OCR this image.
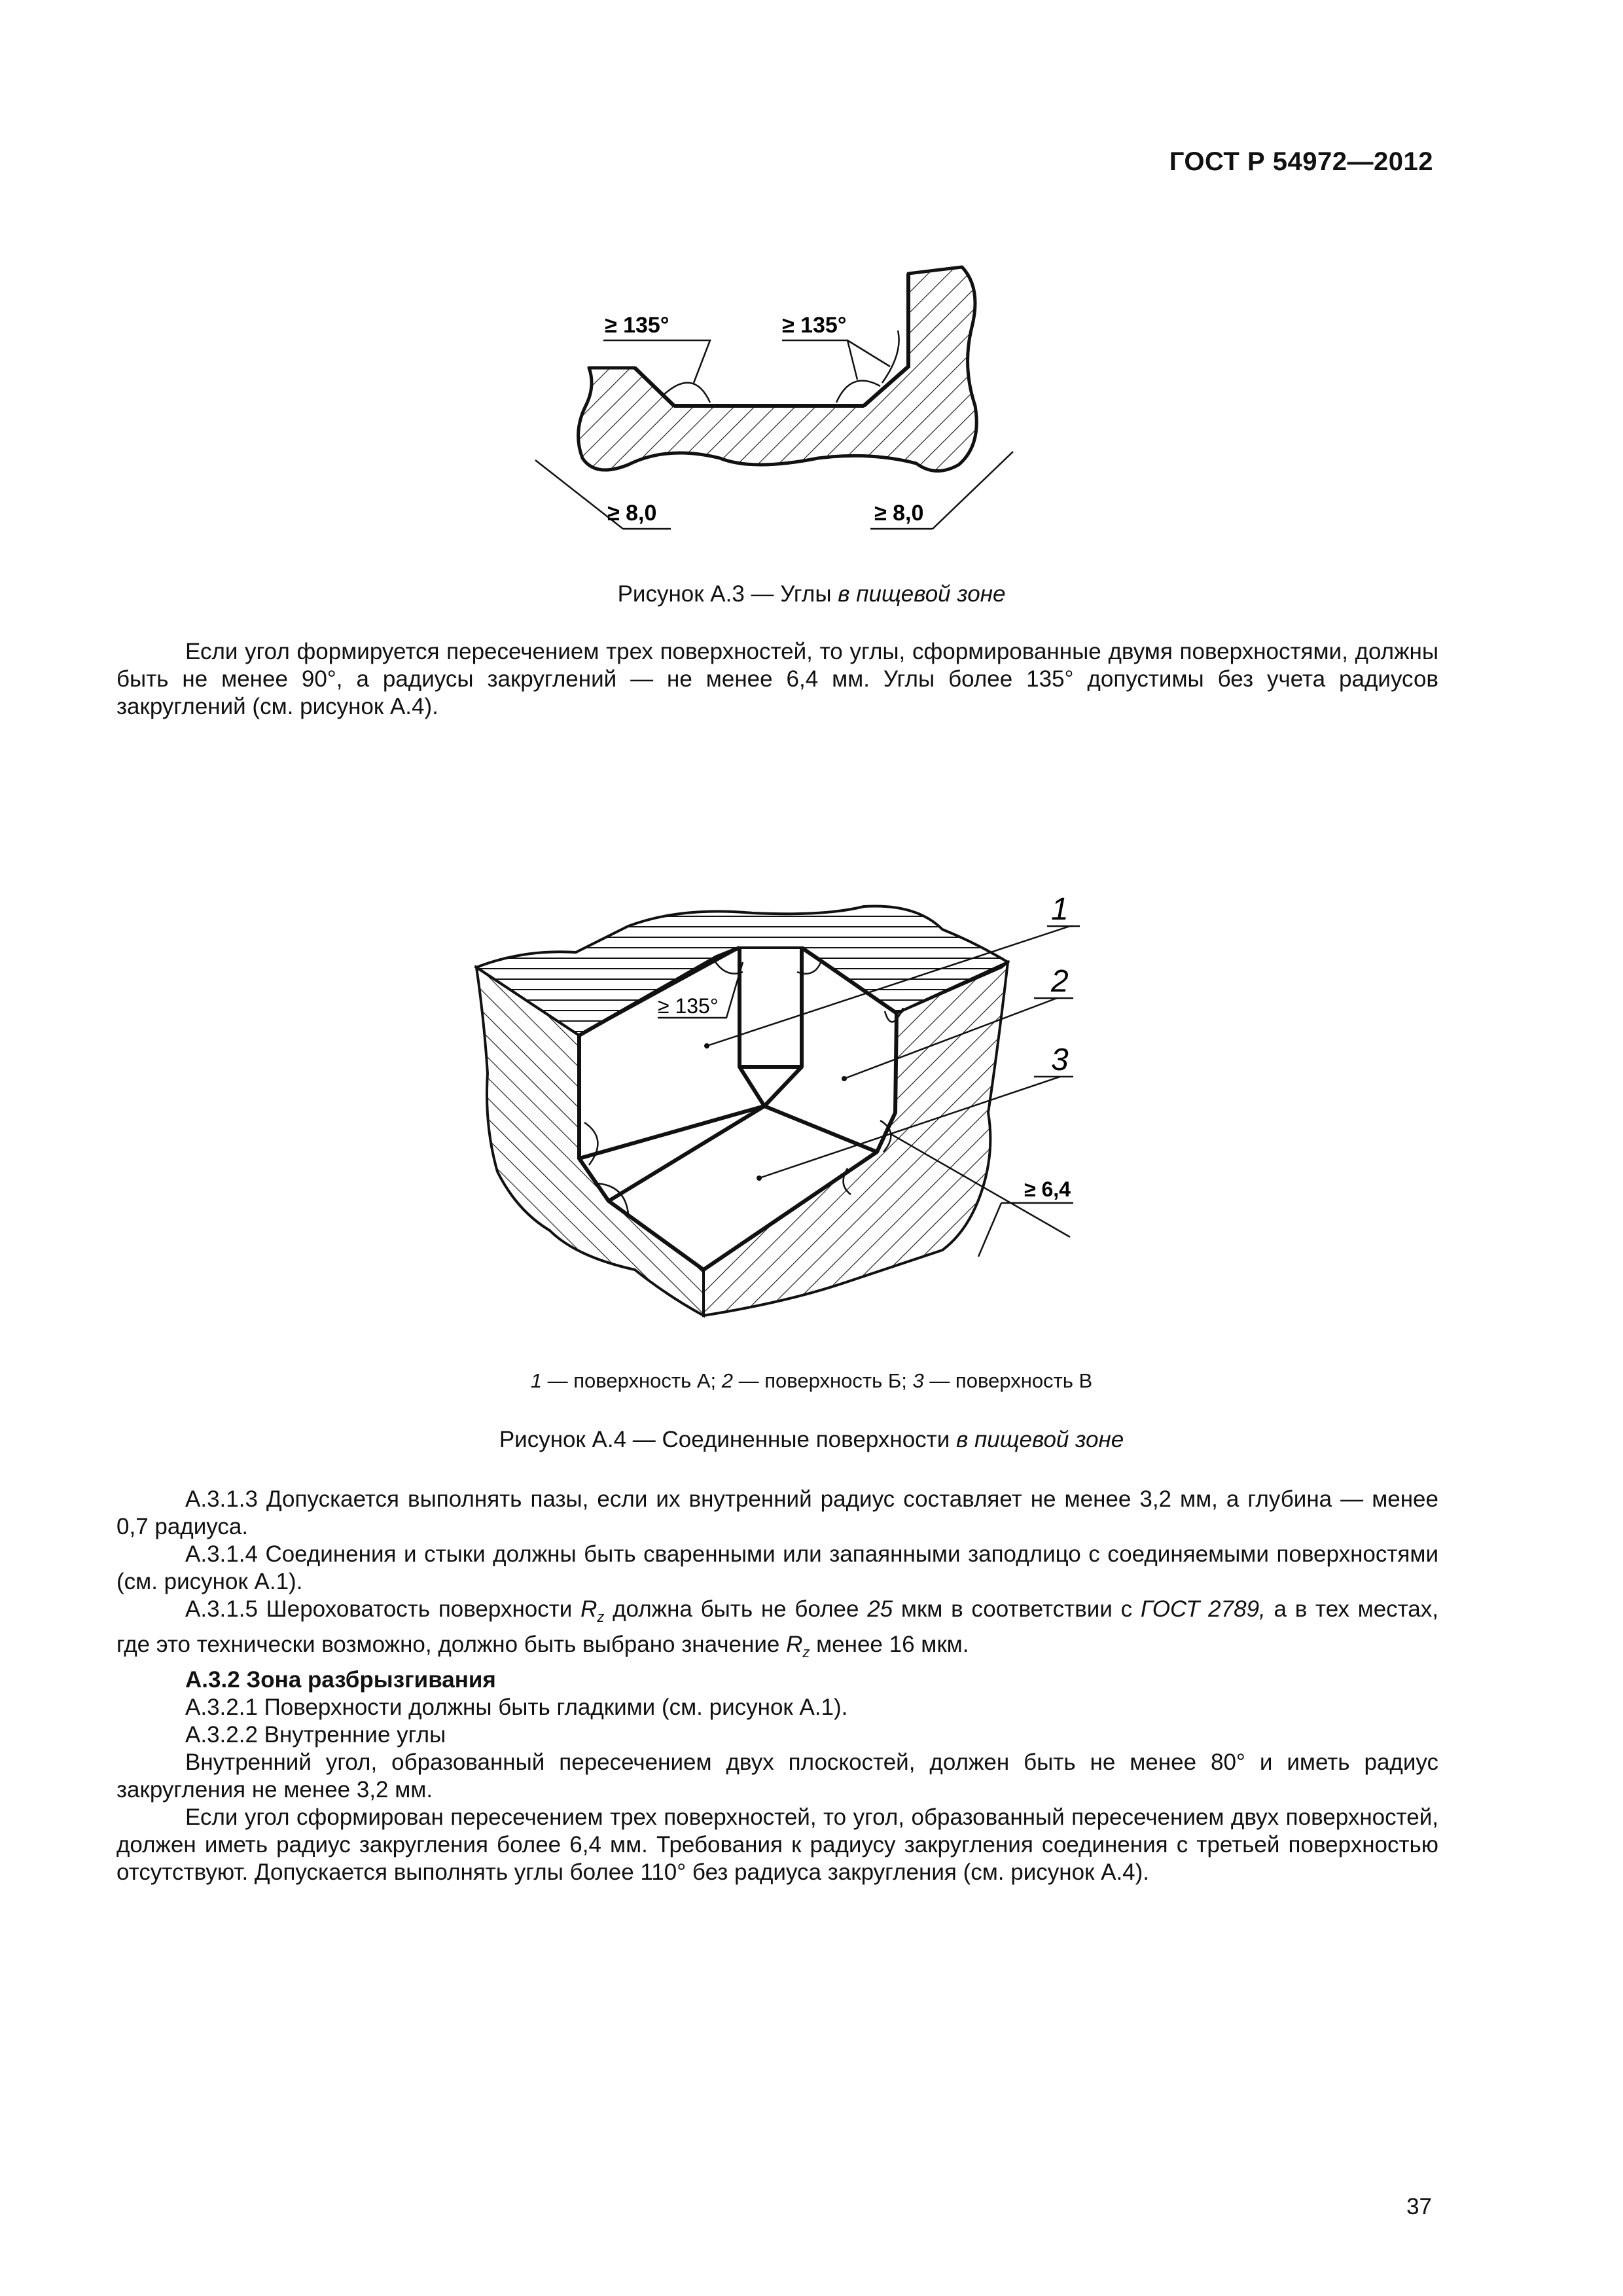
ГОСТ Р 54972—2012
≥ 135°	≥ 135°
≥ 8,0	≥ 8,0
Рисунок А.3 — Углы в пищевой зоне

Если угол формируется пересечением трех поверхностей, то углы, сформированные двумя поверхностями, должны быть не менее 90°, а радиусы закруглений — не менее 6,4 мм. Углы более 135° допустимы без учета радиусов закруглений (см. рисунок А.4).

1
2
3
≥ 135°
≥ 6,4
1 — поверхность А; 2 — поверхность Б; 3 — поверхность В
Рисунок А.4 — Соединенные поверхности в пищевой зоне

А.3.1.3 Допускается выполнять пазы, если их внутренний радиус составляет не менее 3,2 мм, а глубина — менее 0,7 радиуса.

А.3.1.4 Соединения и стыки должны быть сваренными или запаянными заподлицо с соединяемыми поверхностями (см. рисунок А.1).

А.3.1.5 Шероховатость поверхности $R_z$ должна быть не более 25 мкм в соответствии с ГОСТ 2789, а в тех местах, где это технически возможно, должно быть выбрано значение $R_z$ менее 16 мкм.

А.3.2 Зона разбрызгивания

А.3.2.1 Поверхности должны быть гладкими (см. рисунок А.1).

А.3.2.2 Внутренние углы

Внутренний угол, образованный пересечением двух плоскостей, должен быть не менее 80° и иметь радиус закругления не менее 3,2 мм.

Если угол сформирован пересечением трех поверхностей, то угол, образованный пересечением двух поверхностей, должен иметь радиус закругления более 6,4 мм. Требования к радиусу закругления соединения с третьей поверхностью отсутствуют. Допускается выполнять углы более 110° без радиуса закругления (см. рисунок А.4).

37
